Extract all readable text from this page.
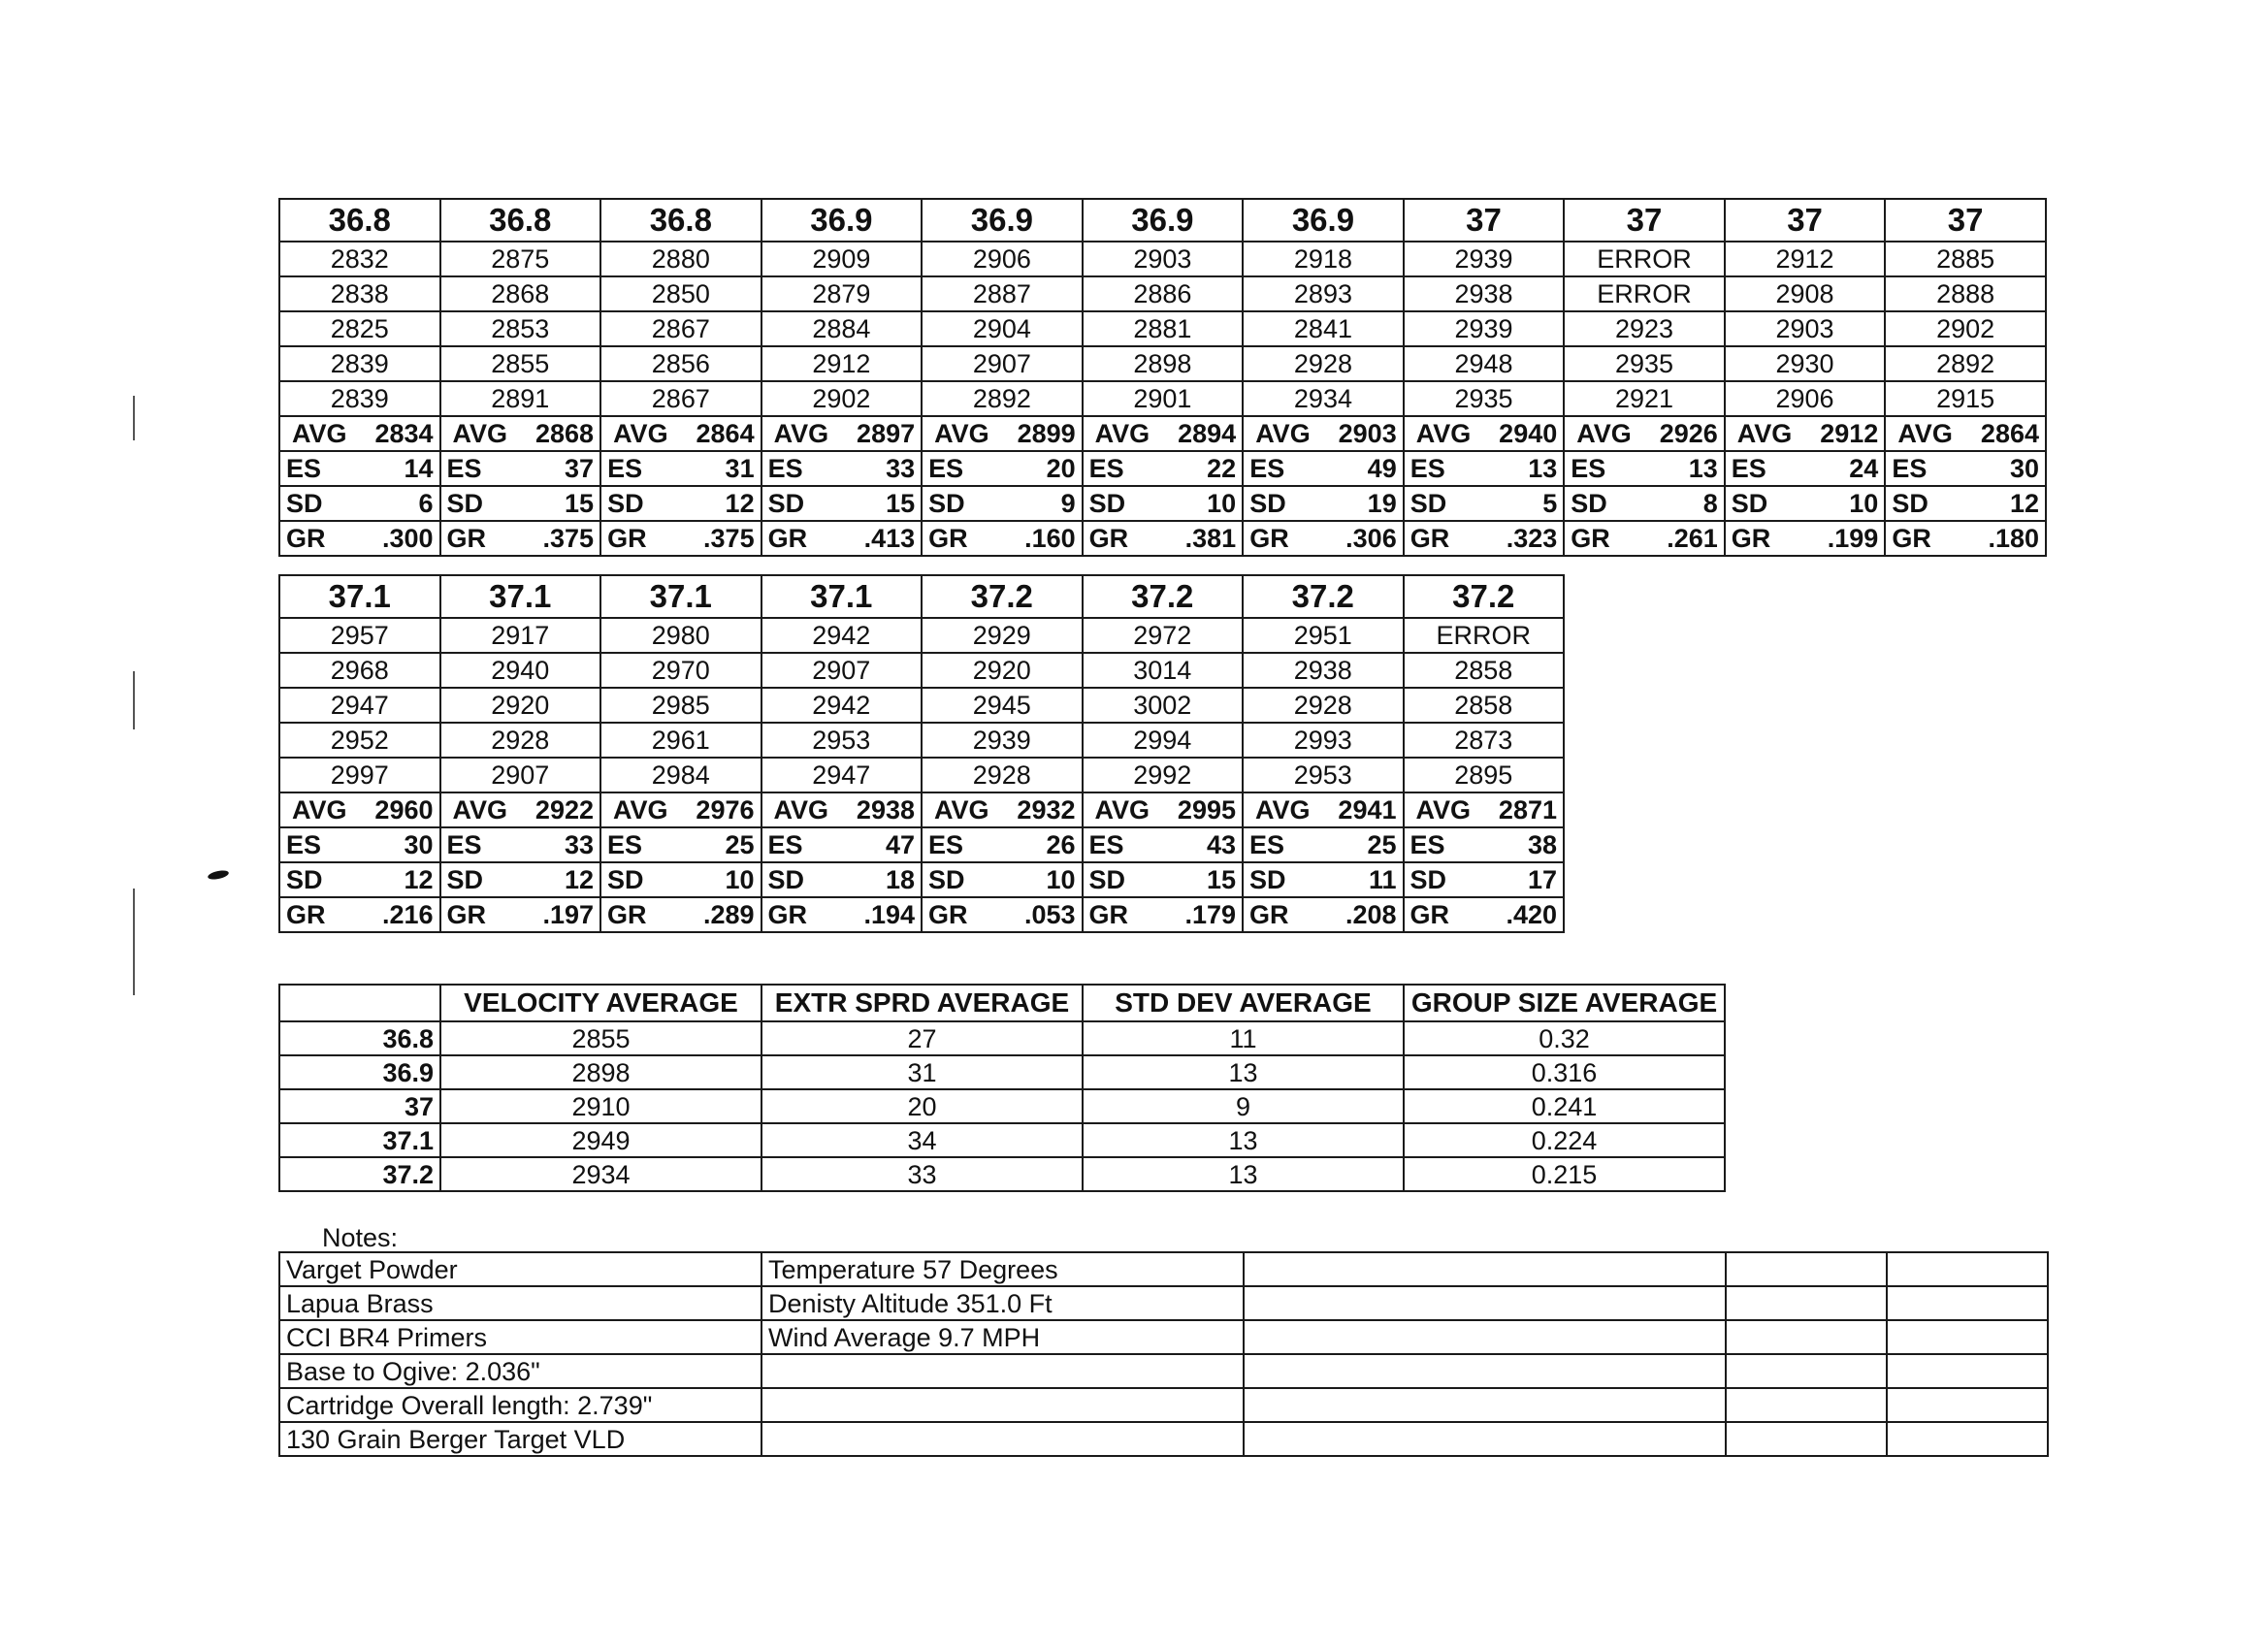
36.8	36.8	36.8	36.9	36.9	36.9	36.9	37	37	37	37
2832	2875	2880	2909	2906	2903	2918	2939	ERROR	2912	2885
2838	2868	2850	2879	2887	2886	2893	2938	ERROR	2908	2888
2825	2853	2867	2884	2904	2881	2841	2939	2923	2903	2902
2839	2855	2856	2912	2907	2898	2928	2948	2935	2930	2892
2839	2891	2867	2902	2892	2901	2934	2935	2921	2906	2915

AVG 2834	AVG 2868	AVG 2864	AVG 2897	AVG 2899	AVG 2894	AVG 2903	AVG 2940	AVG 2926	AVG 2912	AVG 2864

ES 14	ES 37	ES 31	ES 33	ES 20	ES 22	ES 49	ES 13	ES 13	ES 24	ES 30

SD 6	SD 15	SD 12	SD 15	SD 9	SD 10	SD 19	SD 5	SD 8	SD 10	SD 12

GR .300	GR .375	GR .375	GR .413	GR .160	GR .381	GR .306	GR .323	GR .261	GR .199	GR .180
37.1	37.1	37.1	37.1	37.2	37.2	37.2	37.2
2957	2917	2980	2942	2929	2972	2951	ERROR
2968	2940	2970	2907	2920	3014	2938	2858
2947	2920	2985	2942	2945	3002	2928	2858
2952	2928	2961	2953	2939	2994	2993	2873
2997	2907	2984	2947	2928	2992	2953	2895

AVG 2960	AVG 2922	AVG 2976	AVG 2938	AVG 2932	AVG 2995	AVG 2941	AVG 2871

ES 30	ES 33	ES 25	ES 47	ES 26	ES 43	ES 25	ES 38

SD 12	SD 12	SD 10	SD 18	SD 10	SD 15	SD 11	SD 17

GR .216	GR .197	GR .289	GR .194	GR .053	GR .179	GR .208	GR .420
	VELOCITY AVERAGE	EXTR SPRD AVERAGE	STD DEV AVERAGE	GROUP SIZE AVERAGE
36.8	2855	27	11	0.32
36.9	2898	31	13	0.316
37	2910	20	9	0.241
37.1	2949	34	13	0.224
37.2	2934	33	13	0.215
Notes:
Varget Powder	Temperature 57 Degrees			
Lapua Brass	Denisty Altitude 351.0 Ft			
CCI BR4 Primers	Wind Average 9.7 MPH			
Base to Ogive: 2.036"				
Cartridge Overall length: 2.739"				
130 Grain Berger Target VLD				
